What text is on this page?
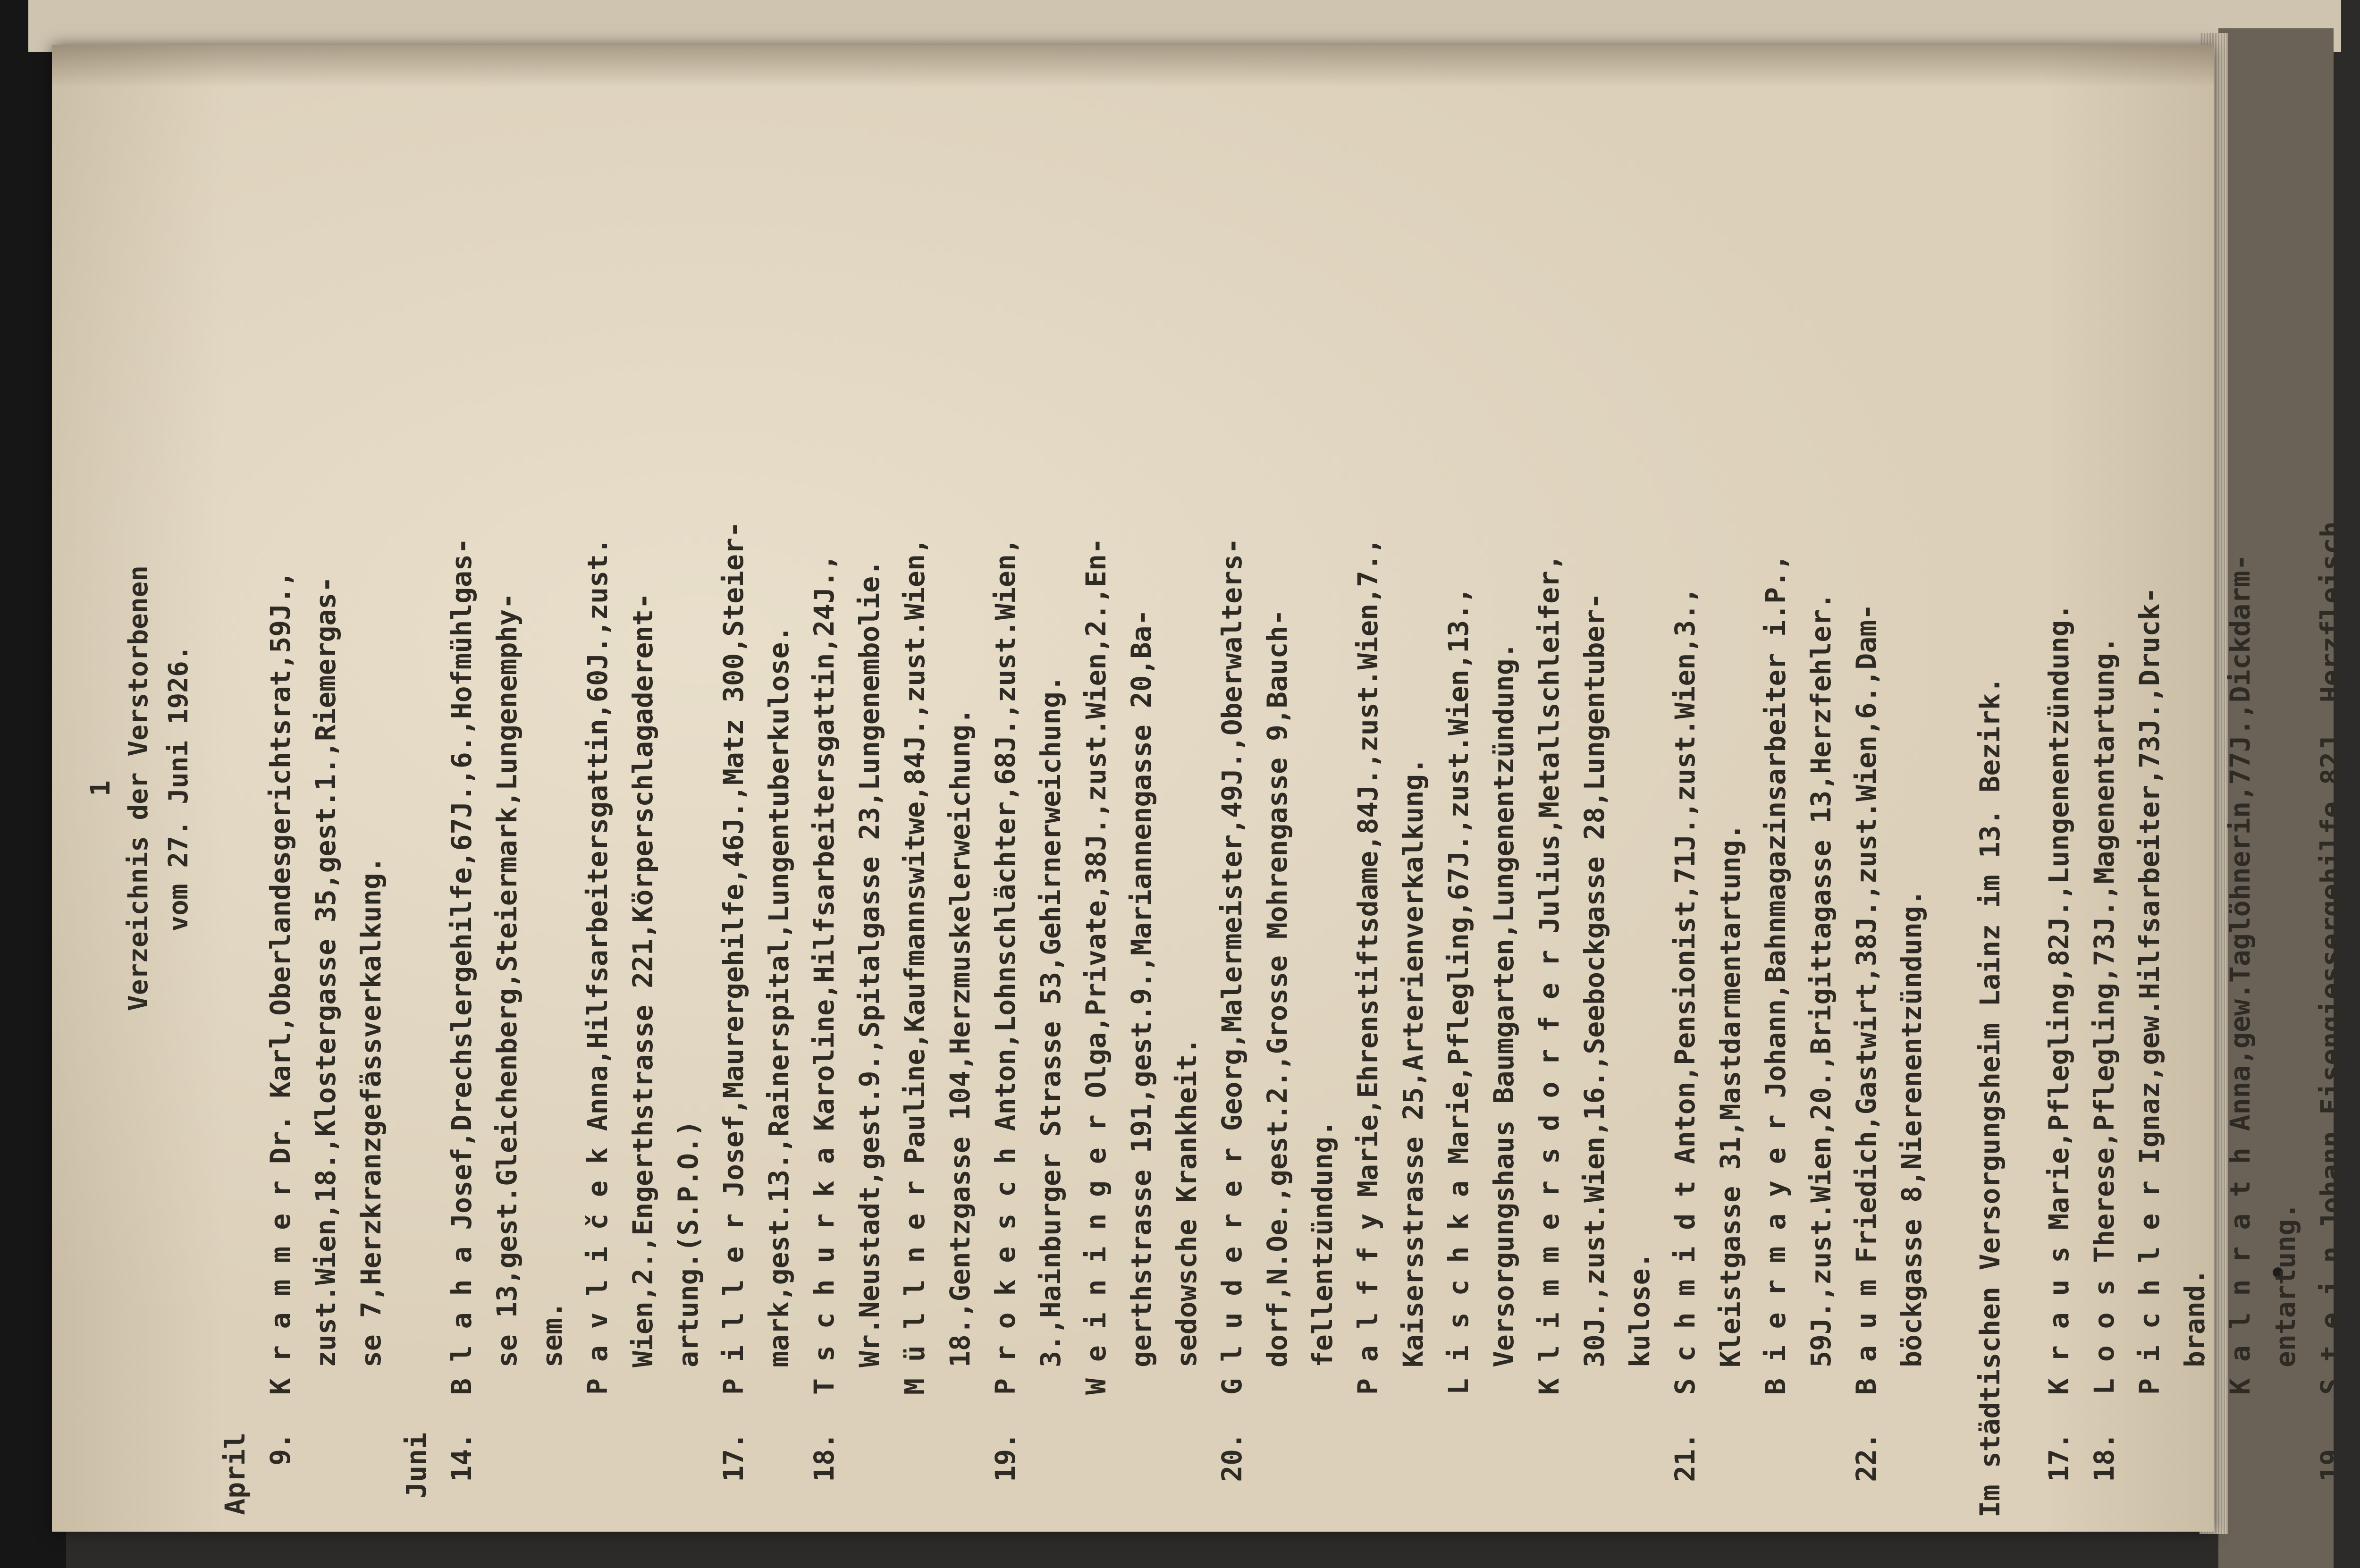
1 Verzeichnis der Verstorbenen vom 27. Juni 1926.
April 9.
K r a m m e r Dr. Karl,Oberlandesgerichtsrat,59J., zust.Wien,18.,Klostergasse 35,gest.1.,Riemergas- se 7,Herzkranzgefässverkalkung.
Juni 14.
B l a h a Josef,Drechslergehilfe,67J.,6.,Hofmühlgas- se 13,gest.Gleichenberg,Steiermark,Lungenemphy- sem. P a v l i č e k Anna,Hilfsarbeitersgattin,60J.,zust. Wien,2.,Engerthstrasse 221,Körperschlagaderent- artung.(S.P.O.)
17.
P i l l e r Josef,Maurergehilfe,46J.,Matz 300,Steier- mark,gest.13.,Rainerspital,Lungentuberkulose.
18.
T s c h u r k a Karoline,Hilfsarbeitersgattin,24J., Wr.Neustadt,gest.9.,Spitalgasse 23,Lungenembolie. M ü l l n e r Pauline,Kaufmannswitwe,84J.,zust.Wien, 18.,Gentzgasse 104,Herzmuskelerweichung.
19.
P r o k e s c h Anton,Lohnschlächter,68J.,zust.Wien, 3.,Hainburger Strasse 53,Gehirnerweichung. W e i n i n g e r Olga,Private,38J.,zust.Wien,2.,En- gerthstrasse 191,gest.9.,Mariannengasse 20,Ba- sedowsche Krankheit.
20.
G l u d e r e r Georg,Malermeister,49J.,Oberwalters- dorf,N.Oe.,gest.2.,Grosse Mohrengasse 9,Bauch- fellentzündung. P a l f f y Marie,Ehrenstiftsdame,84J.,zust.Wien,7., Kaisersstrasse 25,Arterienverkalkung. L i s c h k a Marie,Pflegling,67J.,zust.Wien,13., Versorgungshaus Baumgarten,Lungenentzündung. K l i m m e r s d o r f e r Julius,Metallschleifer, 30J.,zust.Wien,16.,Seebockgasse 28,Lungentuber- kulose.
21.
S c h m i d t Anton,Pensionist,71J.,zust.Wien,3., Kleistgasse 31,Mastdarmentartung. B i e r m a y e r Johann,Bahnmagazinsarbeiter i.P., 59J.,zust.Wien,20.,Brigittagasse 13,Herzfehler.
22.
B a u m Friedich,Gastwirt,38J.,zust.Wien,6.,Dam- böckgasse 8,Nierenentzündung. Im städtischen Versorgungsheim Lainz im 13. Bezirk. 17.
K r a u s Marie,Pflegling,82J.,Lungenentzündung.
18.
L o o s Therese,Pflegling,73J.,Magenentartung. P i c h l e r Ignaz,gew.Hilfsarbeiter,73J.,Druck- brand. K a l n r a t h Anna,gew.Taglöhnerin,77J.,Dickdarm- entartung.
19.
S t e i n Johann,Eisengiessergehilfe,82J.,Herzfleisch
